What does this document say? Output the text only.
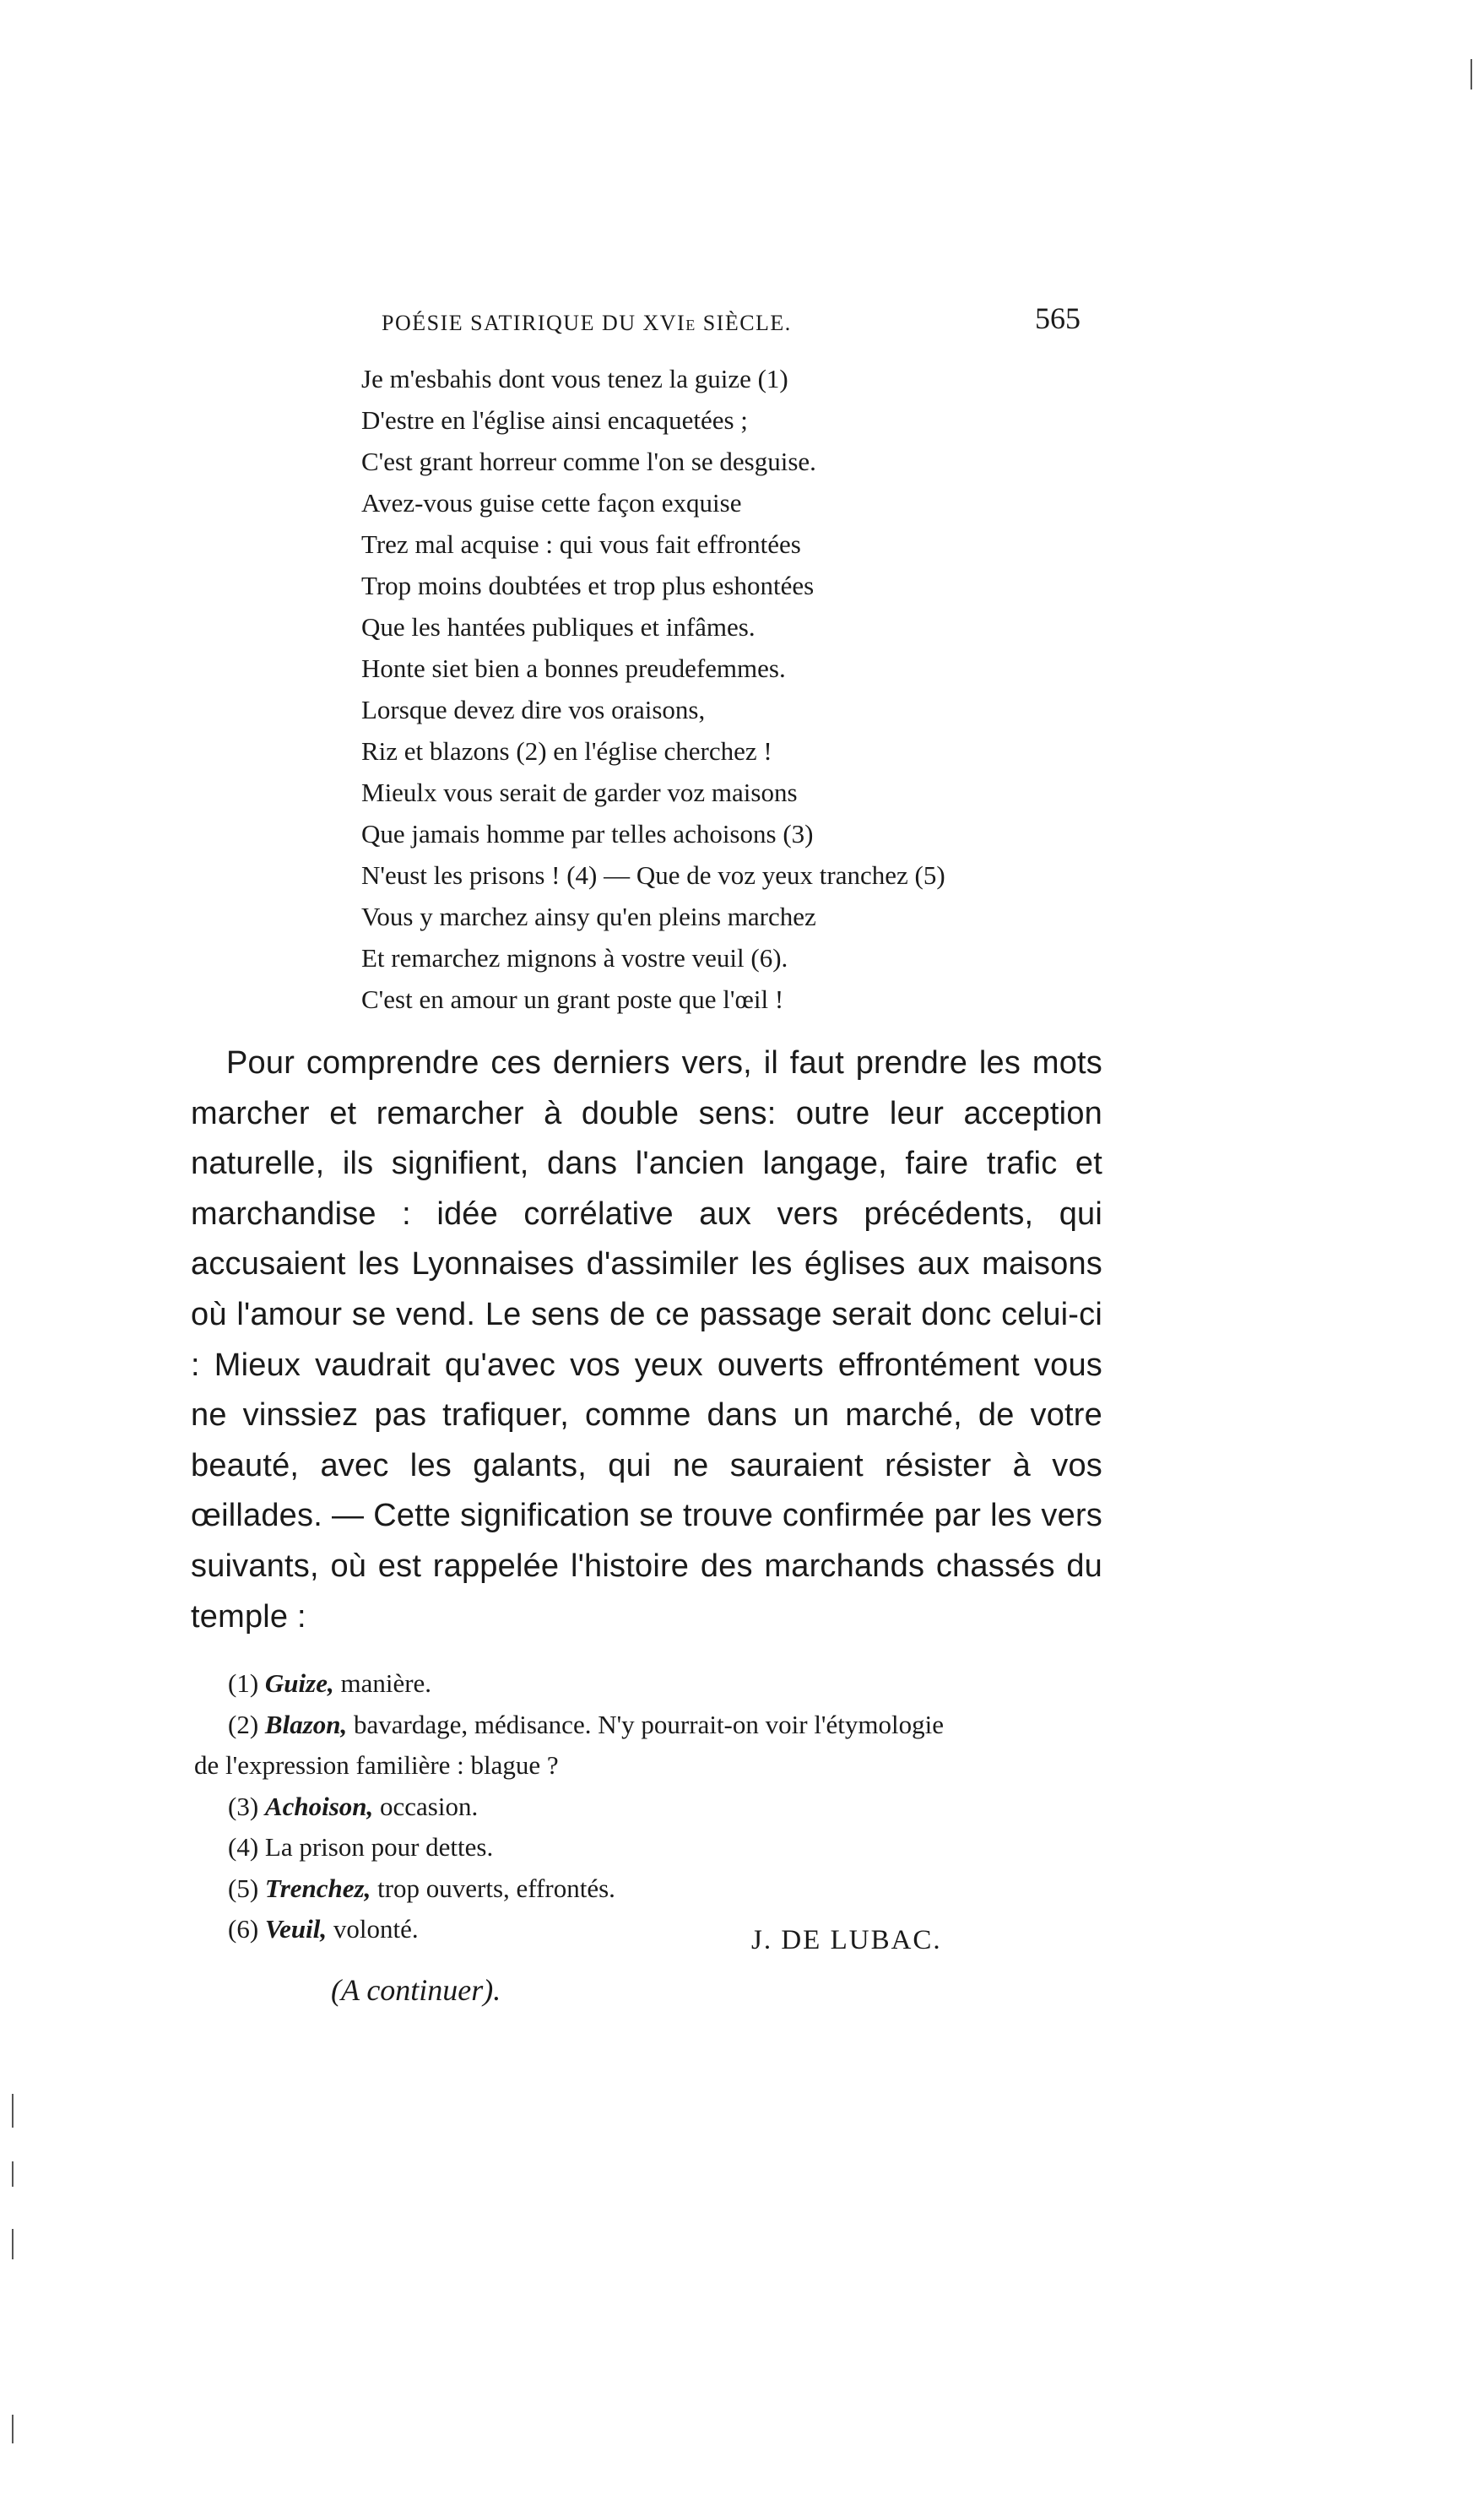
POÉSIE SATIRIQUE DU XVIe SIÈCLE.	565
Je m'esbahis dont vous tenez la guize (1)
D'estre en l'église ainsi encaquetées ;
C'est grant horreur comme l'on se desguise.
Avez-vous guise cette façon exquise
Trez mal acquise : qui vous fait effrontées
Trop moins doubtées et trop plus eshontées
Que les hantées publiques et infâmes.
Honte siet bien a bonnes preudefemmes.
Lorsque devez dire vos oraisons,
Riz et blazons (2) en l'église cherchez !
Mieulx vous serait de garder voz maisons
Que jamais homme par telles achoisons (3)
N'eust les prisons ! (4) — Que de voz yeux tranchez (5)
Vous y marchez ainsy qu'en pleins marchez
Et remarchez mignons à vostre veuil (6).
C'est en amour un grant poste que l'œil !

Pour comprendre ces derniers vers, il faut prendre les mots marcher et remarcher à double sens: outre leur acception naturelle, ils signifient, dans l'ancien langage, faire trafic et marchandise : idée corrélative aux vers précédents, qui accusaient les Lyonnaises d'assimiler les églises aux maisons où l'amour se vend. Le sens de ce passage serait donc celui-ci : Mieux vaudrait qu'avec vos yeux ouverts effrontément vous ne vinssiez pas trafiquer, comme dans un marché, de votre beauté, avec les galants, qui ne sauraient résister à vos œillades. — Cette signification se trouve confirmée par les vers suivants, où est rappelée l'histoire des marchands chassés du temple :

(1) Guize, manière.
(2) Blazon, bavardage, médisance. N'y pourrait-on voir l'étymologie
de l'expression familière : blague ?
(3) Achoison, occasion.
(4) La prison pour dettes.
(5) Trenchez, trop ouverts, effrontés.
(6) Veuil, volonté.	J. DE LUBAC.
(A continuer).
